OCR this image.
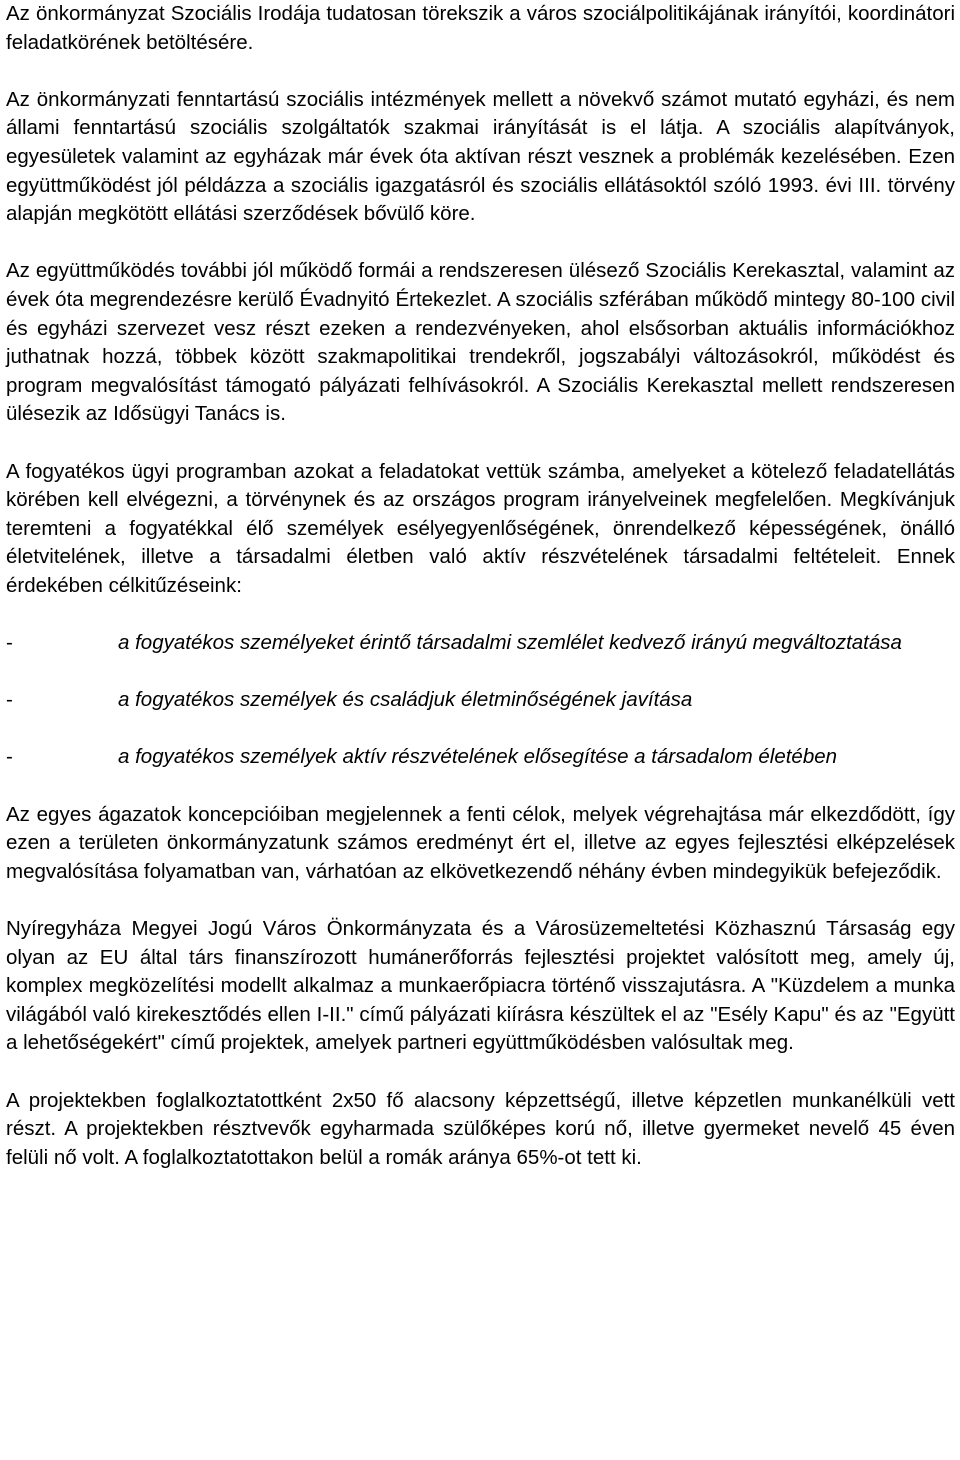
Az önkormányzat Szociális Irodája tudatosan törekszik a város szociálpolitikájának irányítói, koordinátori feladatkörének betöltésére.

Az önkormányzati fenntartású szociális intézmények mellett a növekvő számot mutató egyházi, és nem állami fenntartású szociális szolgáltatók szakmai irányítását is el látja. A szociális alapítványok, egyesületek valamint az egyházak már évek óta aktívan részt vesznek a problémák kezelésében. Ezen együttműködést jól példázza a szociális igazgatásról és szociális ellátásoktól szóló 1993. évi III. törvény alapján megkötött ellátási szerződések bővülő köre.

Az együttműködés további jól működő formái a rendszeresen ülésező Szociális Kerekasztal, valamint az évek óta megrendezésre kerülő Évadnyitó Értekezlet. A szociális szférában működő mintegy 80-100 civil és egyházi szervezet vesz részt ezeken a rendezvényeken, ahol elsősorban aktuális információkhoz juthatnak hozzá, többek között szakmapolitikai trendekről, jogszabályi változásokról, működést és program megvalósítást támogató pályázati felhívásokról. A Szociális Kerekasztal mellett rendszeresen ülésezik az Idősügyi Tanács is.

A fogyatékos ügyi programban azokat a feladatokat vettük számba, amelyeket a kötelező feladatellátás körében kell elvégezni, a törvénynek és az országos program irányelveinek megfelelően. Megkívánjuk teremteni a fogyatékkal élő személyek esélyegyenlőségének, önrendelkező képességének, önálló életvitelének, illetve a társadalmi életben való aktív részvételének társadalmi feltételeit. Ennek érdekében célkitűzéseink:

-	a fogyatékos személyeket érintő társadalmi szemlélet kedvező irányú megváltoztatása
-	a fogyatékos személyek és családjuk életminőségének javítása
-	a fogyatékos személyek aktív részvételének elősegítése a társadalom életében

Az egyes ágazatok koncepcióiban megjelennek a fenti célok, melyek végrehajtása már elkezdődött, így ezen a területen önkormányzatunk számos eredményt ért el, illetve az egyes fejlesztési elképzelések megvalósítása folyamatban van, várhatóan az elkövetkezendő néhány évben mindegyikük befejeződik.

Nyíregyháza Megyei Jogú Város Önkormányzata és a Városüzemeltetési Közhasznú Társaság egy olyan az EU által társ finanszírozott humánerőforrás fejlesztési projektet valósított meg, amely új, komplex megközelítési modellt alkalmaz a munkaerőpiacra történő visszajutásra. A "Küzdelem a munka világából való kirekesztődés ellen I-II." című pályázati kiírásra készültek el az "Esély Kapu" és az "Együtt a lehetőségekért" című projektek, amelyek partneri együttműködésben valósultak meg.

A projektekben foglalkoztatottként 2x50 fő alacsony képzettségű, illetve képzetlen munkanélküli vett részt. A projektekben résztvevők egyharmada szülőképes korú nő, illetve gyermeket nevelő 45 éven felüli nő volt. A foglalkoztatottakon belül a romák aránya 65%-ot tett ki.
